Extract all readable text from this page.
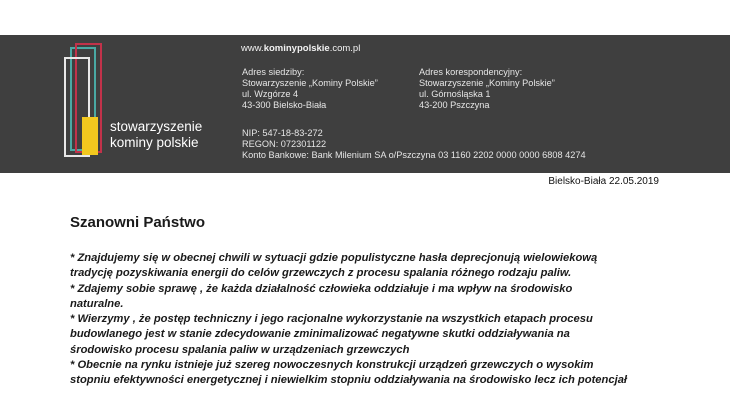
stowarzyszenie
kominy polskie
www.kominypolskie.com.pl
Adres siedziby:
Stowarzyszenie „Kominy Polskie”
ul. Wzgórze 4
43-300 Bielsko-Biała
Adres korespondencyjny:
Stowarzyszenie „Kominy Polskie”
ul. Górnośląska 1
43-200 Pszczyna
NIP: 547-18-83-272
REGON: 072301122
Konto Bankowe: Bank Milenium SA o/Pszczyna 03 1160 2202 0000 0000 6808 4274
Bielsko-Biała 22.05.2019
Szanowni Państwo

* Znajdujemy się w obecnej chwili w sytuacji gdzie populistyczne hasła deprecjonują wielowiekową

tradycję pozyskiwania energii do celów grzewczych z procesu spalania różnego rodzaju paliw.

* Zdajemy sobie sprawę , że każda działalność człowieka oddziałuje i ma wpływ na środowisko

naturalne.

* Wierzymy , że postęp techniczny i jego racjonalne wykorzystanie na wszystkich etapach procesu

budowlanego jest w stanie zdecydowanie zminimalizować negatywne skutki oddziaływania na

środowisko procesu spalania paliw w urządzeniach grzewczych

* Obecnie na rynku istnieje już szereg nowoczesnych konstrukcji urządzeń grzewczych o wysokim

stopniu efektywności energetycznej i niewielkim stopniu oddziaływania na środowisko lecz ich potencjał
